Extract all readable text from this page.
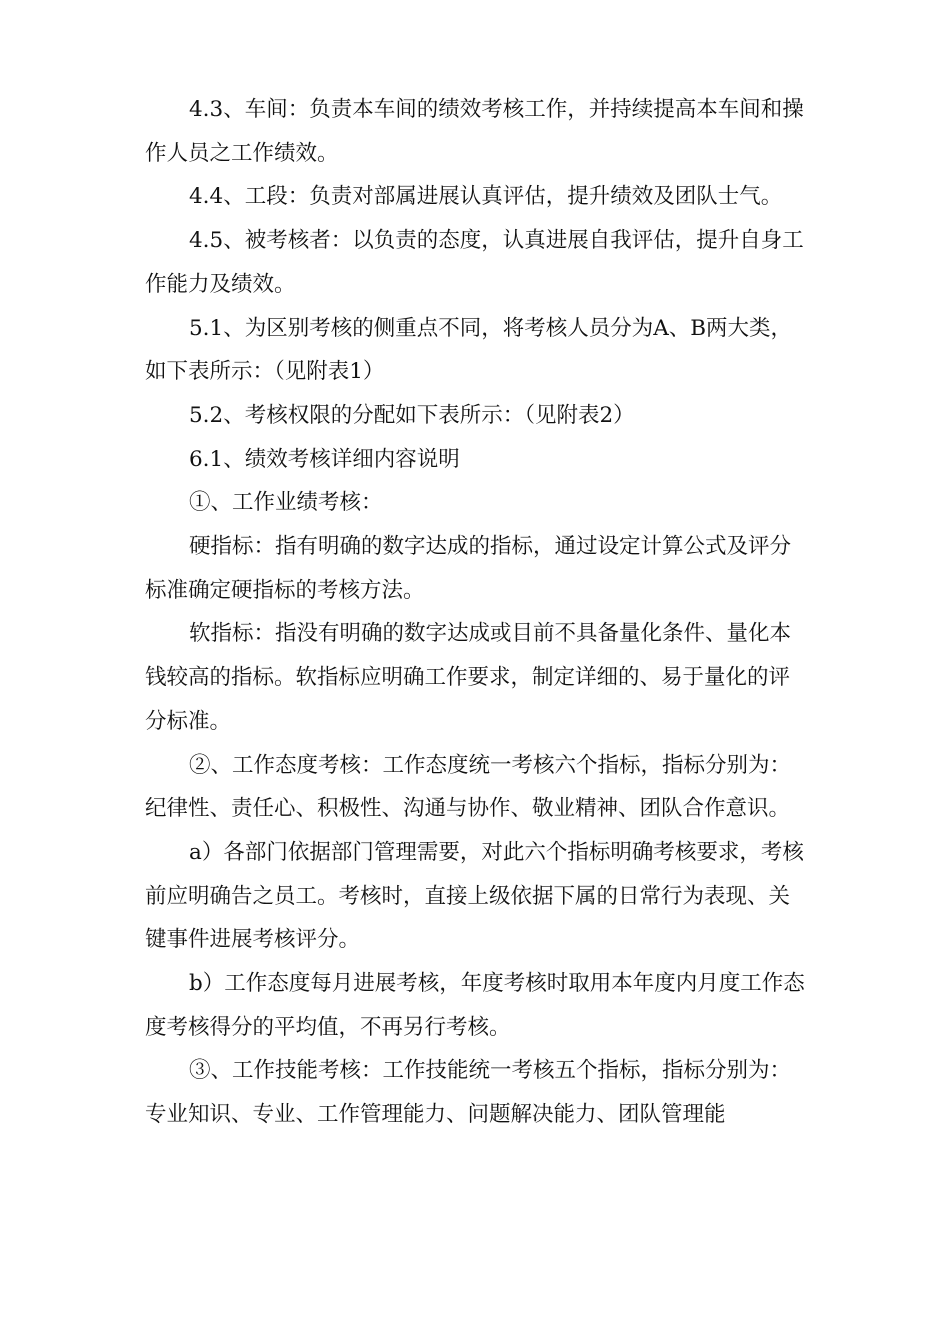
4.3、车间：负责本车间的绩效考核工作，并持续提高本车间和操作人员之工作绩效。

4.4、工段：负责对部属进展认真评估，提升绩效及团队士气。

4.5、被考核者：以负责的态度，认真进展自我评估，提升自身工作能力及绩效。

5.1、为区别考核的侧重点不同，将考核人员分为A、B两大类，如下表所示：（见附表1）

5.2、考核权限的分配如下表所示：（见附表2）

6.1、绩效考核详细内容说明

①、工作业绩考核：

硬指标：指有明确的数字达成的指标，通过设定计算公式及评分标准确定硬指标的考核方法。

软指标：指没有明确的数字达成或目前不具备量化条件、量化本钱较高的指标。软指标应明确工作要求，制定详细的、易于量化的评分标准。

②、工作态度考核：工作态度统一考核六个指标，指标分别为：纪律性、责任心、积极性、沟通与协作、敬业精神、团队合作意识。

a）各部门依据部门管理需要，对此六个指标明确考核要求，考核前应明确告之员工。考核时，直接上级依据下属的日常行为表现、关键事件进展考核评分。

b）工作态度每月进展考核，年度考核时取用本年度内月度工作态度考核得分的平均值，不再另行考核。

③、工作技能考核：工作技能统一考核五个指标，指标分别为：专业知识、专业、工作管理能力、问题解决能力、团队管理能
